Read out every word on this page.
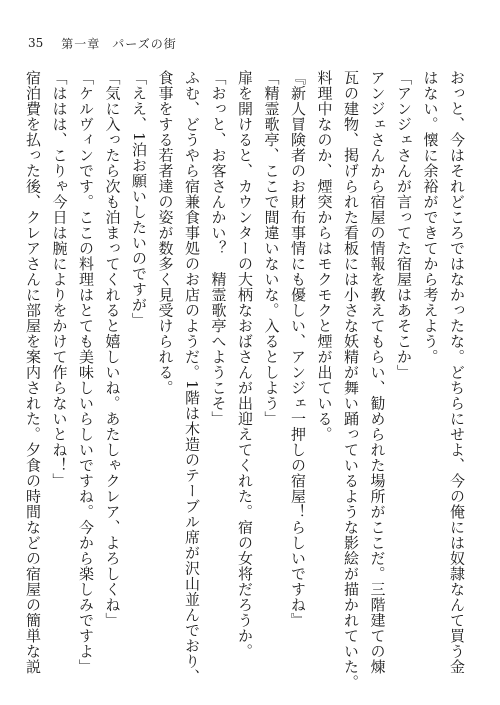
35 第一章 パーズの街
おっと、今はそれどころではなかったな。どちらにせよ、今の俺には奴隷なんて買う金
はない。懐に余裕ができてから考えよう。
「アンジェさんが言ってた宿屋はあそこか」
アンジェさんから宿屋の情報を教えてもらい、勧められた場所がここだ。三階建ての煉
瓦の建物、掲げられた看板には小さな妖精が舞い踊っているような影絵が描かれていた。
料理中なのか、煙突からはモクモクと煙が出ている。
『新人冒険者のお財布事情にも優しい、アンジェ一押しの宿屋！らしいですね』
「精霊歌亭、ここで間違いないな。入るとしよう」
扉を開けると、カウンターの大柄なおばさんが出迎えてくれた。宿の女将だろうか。
「おっと、お客さんかい？　精霊歌亭へようこそ」
ふむ、どうやら宿兼食事処のお店のようだ。1階は木造のテーブル席が沢山並んでおり、
食事をする若者達の姿が数多く見受けられる。
「ええ、1泊お願いしたいのですが」
「気に入ったら次も泊まってくれると嬉しいね。あたしゃクレア、よろしくね」
「ケルヴィンです。ここの料理はとても美味しいらしいですね。今から楽しみですよ」
「ははは、こりゃ今日は腕によりをかけて作らないとね！」
宿泊費を払った後、クレアさんに部屋を案内された。夕食の時間などの宿屋の簡単な説
